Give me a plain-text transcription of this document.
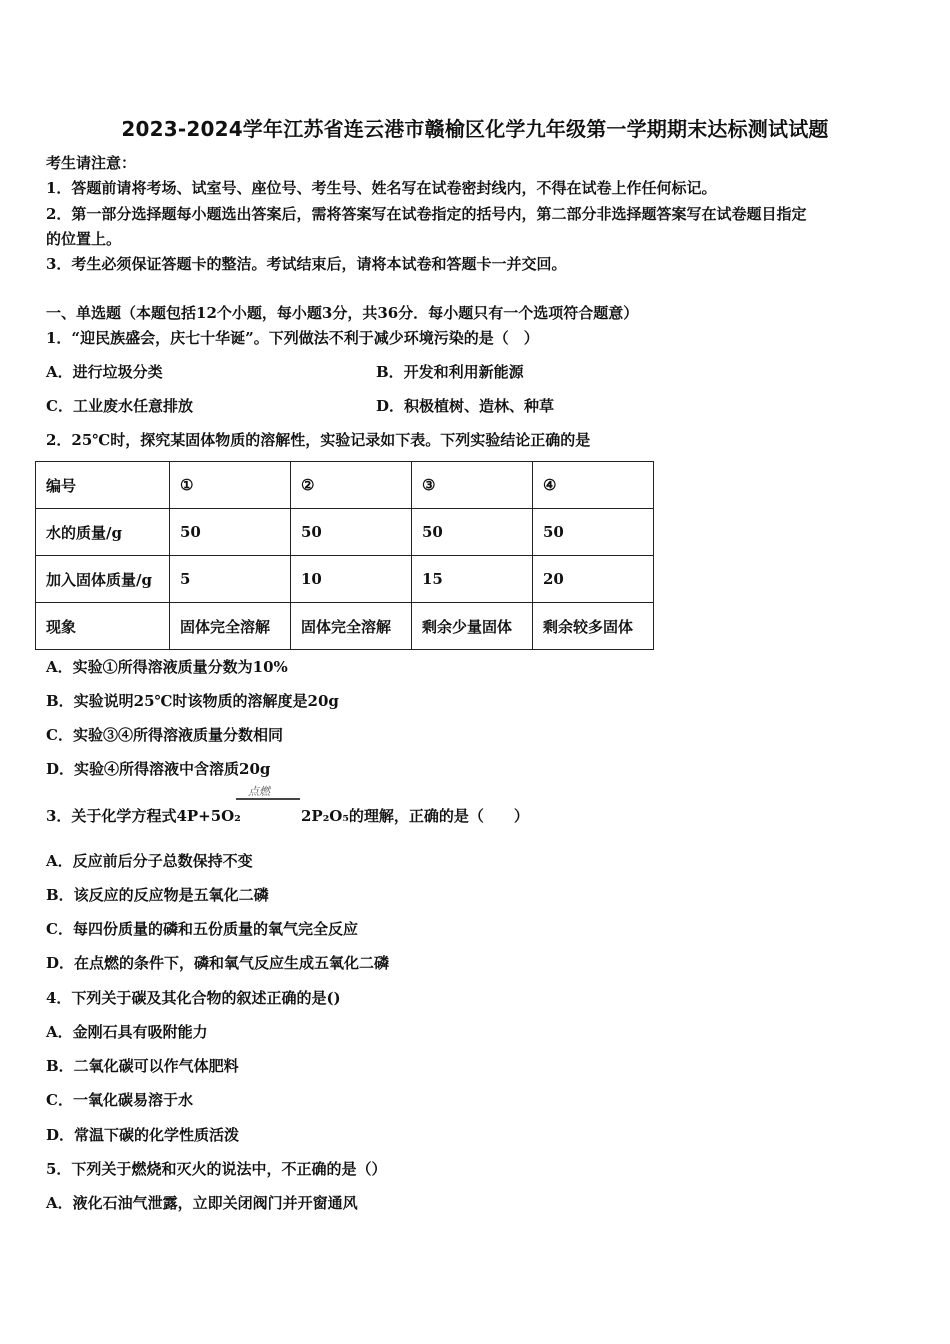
2023-2024学年江苏省连云港市赣榆区化学九年级第一学期期末达标测试试题
考生请注意：
1．答题前请将考场、试室号、座位号、考生号、姓名写在试卷密封线内，不得在试卷上作任何标记。
2．第一部分选择题每小题选出答案后，需将答案写在试卷指定的括号内，第二部分非选择题答案写在试卷题目指定
的位置上。
3．考生必须保证答题卡的整洁。考试结束后，请将本试卷和答题卡一并交回。
一、单选题（本题包括12个小题，每小题3分，共36分．每小题只有一个选项符合题意）
1．“迎民族盛会，庆七十华诞”。下列做法不利于减少环境污染的是（　）
A．进行垃圾分类	B．开发和利用新能源
C．工业废水任意排放	D．积极植树、造林、种草
2．25℃时，探究某固体物质的溶解性，实验记录如下表。下列实验结论正确的是
编号	①	②	③	④
水的质量/g	50	50	50	50
加入固体质量/g	5	10	15	20
现象	固体完全溶解	固体完全溶解	剩余少量固体	剩余较多固体
A．实验①所得溶液质量分数为10%
B．实验说明25℃时该物质的溶解度是20g
C．实验③④所得溶液质量分数相同
D．实验④所得溶液中含溶质20g
3．关于化学方程式4P+5O₂
点燃
2P₂O₅的理解，正确的是（　　）
A．反应前后分子总数保持不变
B．该反应的反应物是五氧化二磷
C．每四份质量的磷和五份质量的氧气完全反应
D．在点燃的条件下，磷和氧气反应生成五氧化二磷
4．下列关于碳及其化合物的叙述正确的是()
A．金刚石具有吸附能力
B．二氧化碳可以作气体肥料
C．一氧化碳易溶于水
D．常温下碳的化学性质活泼
5．下列关于燃烧和灭火的说法中，不正确的是（）
A．液化石油气泄露，立即关闭阀门并开窗通风
